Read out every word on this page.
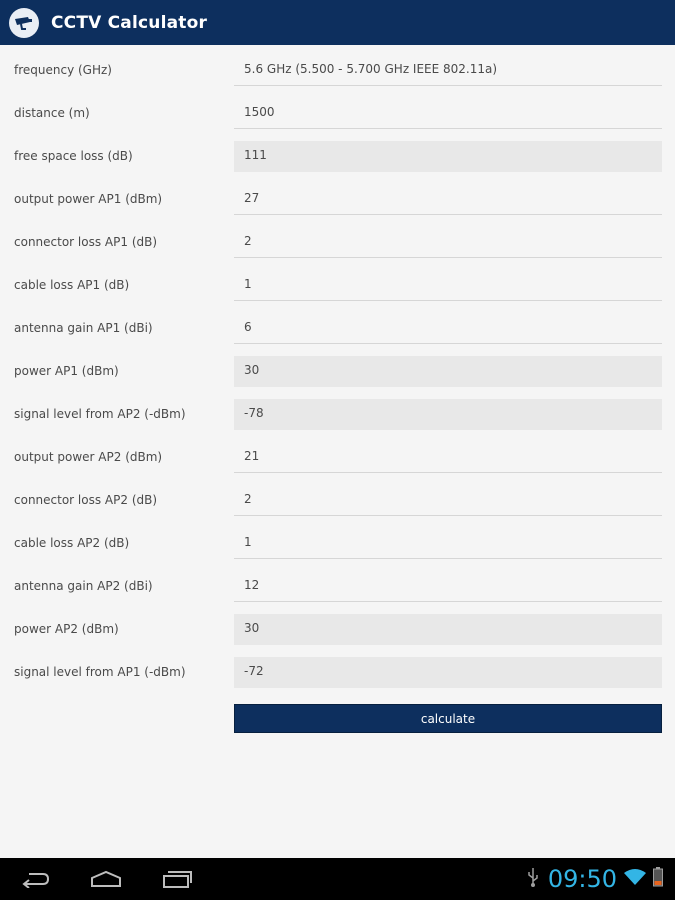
CCTV Calculator
frequency (GHz)	5.6 GHz (5.500 - 5.700 GHz IEEE 802.11a)
distance (m)	1500
free space loss (dB)	111
output power AP1 (dBm)	27
connector loss AP1 (dB)	2
cable loss AP1 (dB)	1
antenna gain AP1 (dBi)	6
power AP1 (dBm)	30
signal level from AP2 (-dBm)	-78
output power AP2 (dBm)	21
connector loss AP2 (dB)	2
cable loss AP2 (dB)	1
antenna gain AP2 (dBi)	12
power AP2 (dBm)	30
signal level from AP1 (-dBm)	-72
calculate
09:50
